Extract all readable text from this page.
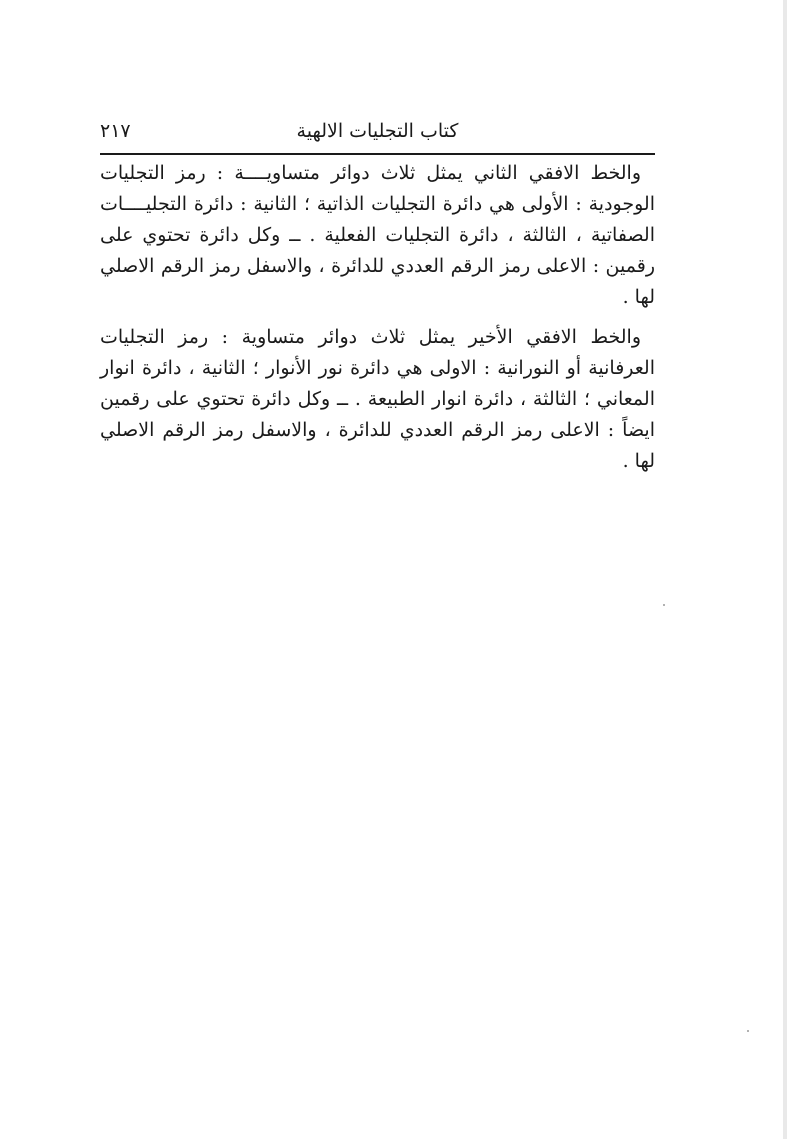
كتاب التجليات الالهية
٢١٧

والخط الافقي الثاني يمثل ثلاث دوائر متساويــــة : رمز التجليات الوجودية : الأولى هي دائرة التجليات الذاتية ؛ الثانية : دائرة التجليــــات الصفاتية ، الثالثة ، دائرة التجليات الفعلية . ــ وكل دائرة تحتوي على رقمين : الاعلى رمز الرقم العددي للدائرة ، والاسفل رمز الرقم الاصلي لها .

والخط الافقي الأخير يمثل ثلاث دوائر متساوية : رمز التجليات العرفانية أو النورانية : الاولى هي دائرة نور الأنوار ؛ الثانية ، دائرة انوار المعاني ؛ الثالثة ، دائرة انوار الطبيعة . ــ وكل دائرة تحتوي على رقمين ايضاً : الاعلى رمز الرقم العددي للدائرة ، والاسفل رمز الرقم الاصلي لها .
